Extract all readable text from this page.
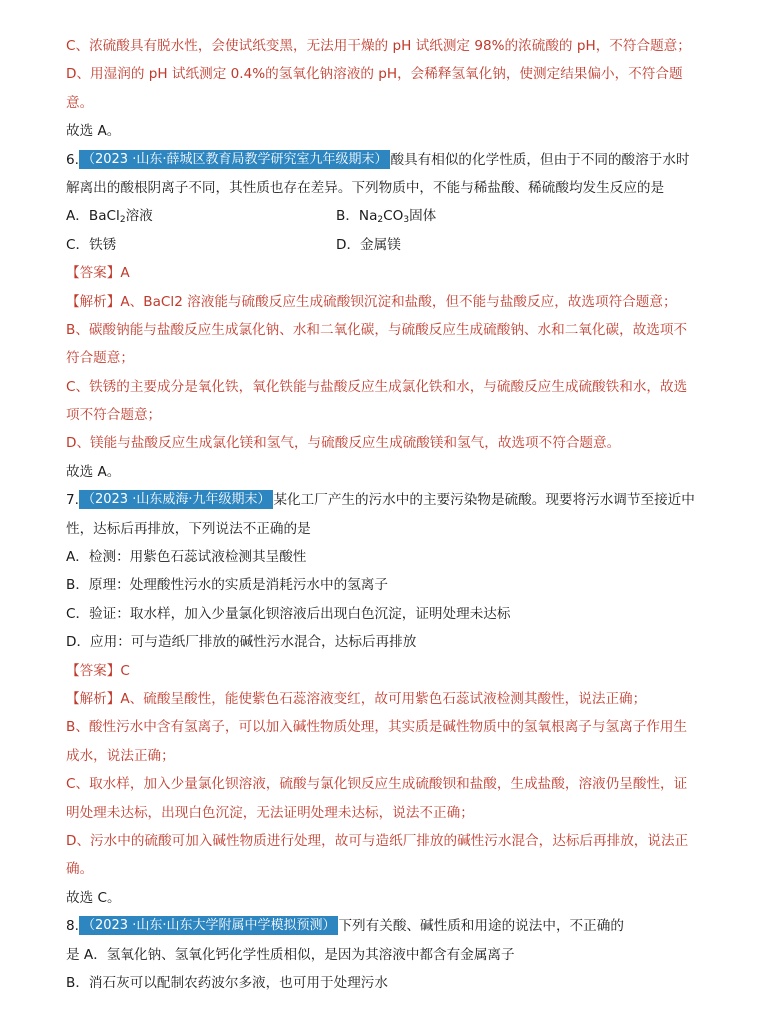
C、浓硫酸具有脱水性，会使试纸变黑，无法用干燥的 pH 试纸测定 98%的浓硫酸的 pH，不符合题意；
D、用湿润的 pH 试纸测定 0.4%的氢氧化钠溶液的 pH，会稀释氢氧化钠，使测定结果偏小，不符合题
意。
故选 A。
6. （2023 ·山东·薛城区教育局教学研究室九年级期末） 酸具有相似的化学性质，但由于不同的酸溶于水时
解离出的酸根阴离子不同，其性质也存在差异。下列物质中，不能与稀盐酸、稀硫酸均发生反应的是
A．BaCl$_2$溶液	B．$Na_2CO_3$固体
C．铁锈	D．金属镁
【答案】A
【解析】A、BaCl2 溶液能与硫酸反应生成硫酸钡沉淀和盐酸，但不能与盐酸反应，故选项符合题意；
B、碳酸钠能与盐酸反应生成氯化钠、水和二氧化碳，与硫酸反应生成硫酸钠、水和二氧化碳，故选项不
符合题意；
C、铁锈的主要成分是氧化铁，氧化铁能与盐酸反应生成氯化铁和水，与硫酸反应生成硫酸铁和水，故选
项不符合题意；
D、镁能与盐酸反应生成氯化镁和氢气，与硫酸反应生成硫酸镁和氢气，故选项不符合题意。
故选 A。
7. （2023 ·山东威海·九年级期末） 某化工厂产生的污水中的主要污染物是硫酸。现要将污水调节至接近中
性，达标后再排放，下列说法不正确的是
A．检测：用紫色石蕊试液检测其呈酸性
B．原理：处理酸性污水的实质是消耗污水中的氢离子
C．验证：取水样，加入少量氯化钡溶液后出现白色沉淀，证明处理未达标
D．应用：可与造纸厂排放的碱性污水混合，达标后再排放
【答案】C
【解析】A、硫酸呈酸性，能使紫色石蕊溶液变红，故可用紫色石蕊试液检测其酸性，说法正确；
B、酸性污水中含有氢离子，可以加入碱性物质处理，其实质是碱性物质中的氢氧根离子与氢离子作用生
成水，说法正确；
C、取水样，加入少量氯化钡溶液，硫酸与氯化钡反应生成硫酸钡和盐酸，生成盐酸，溶液仍呈酸性，证
明处理未达标，出现白色沉淀，无法证明处理未达标，说法不正确；
D、污水中的硫酸可加入碱性物质进行处理，故可与造纸厂排放的碱性污水混合，达标后再排放，说法正
确。
故选 C。
8. （2023 ·山东·山东大学附属中学模拟预测） 下列有关酸、碱性质和用途的说法中，不正确的
是 A．氢氧化钠、氢氧化钙化学性质相似，是因为其溶液中都含有金属离子
B．消石灰可以配制农药波尔多液，也可用于处理污水
